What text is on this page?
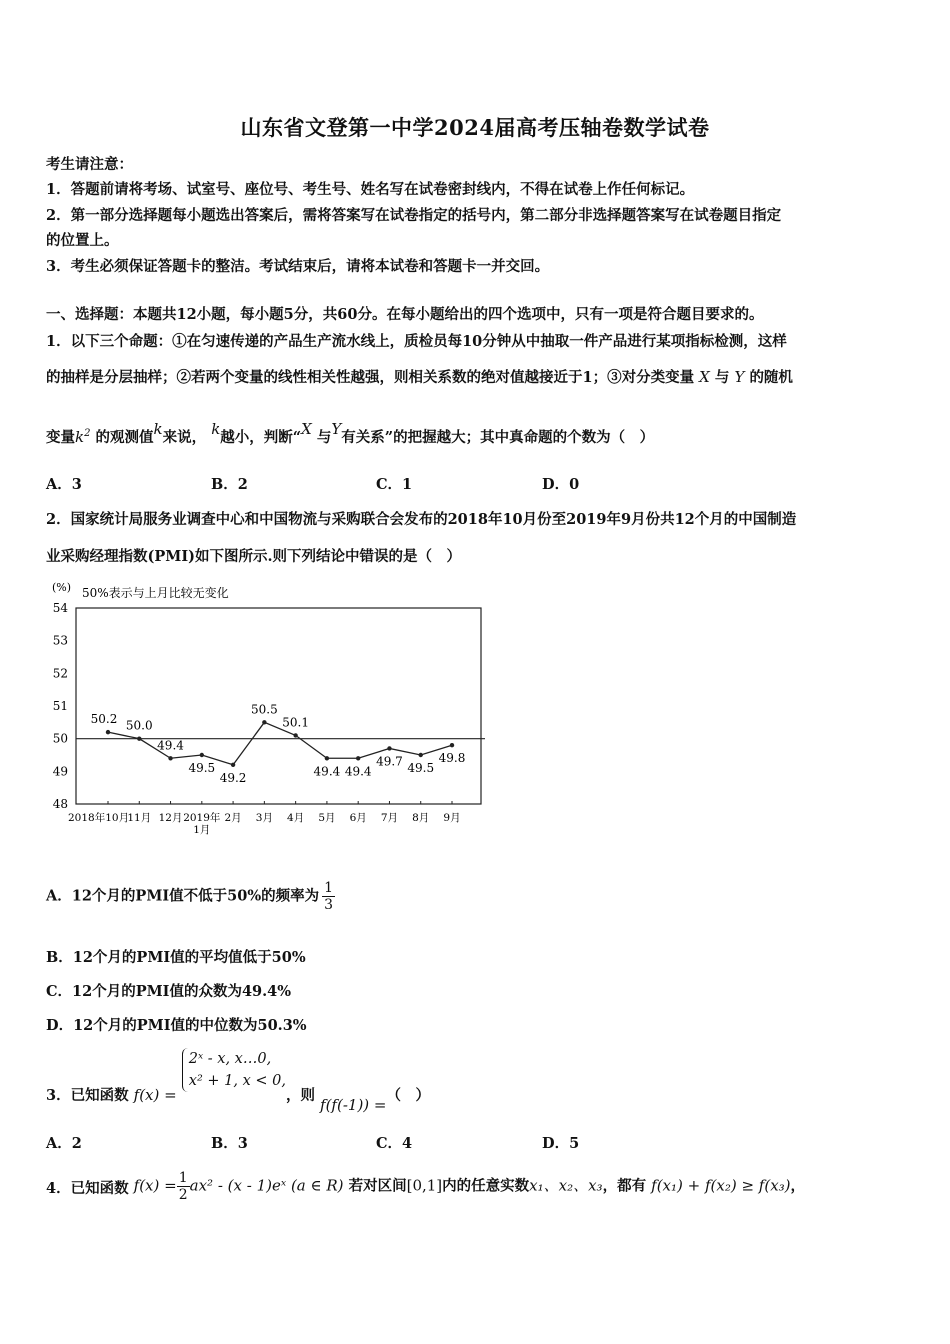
山东省文登第一中学2024届高考压轴卷数学试卷
考生请注意：
1．答题前请将考场、试室号、座位号、考生号、姓名写在试卷密封线内，不得在试卷上作任何标记。
2．第一部分选择题每小题选出答案后，需将答案写在试卷指定的括号内，第二部分非选择题答案写在试卷题目指定
的位置上。
3．考生必须保证答题卡的整洁。考试结束后，请将本试卷和答题卡一并交回。
一、选择题：本题共12小题，每小题5分，共60分。在每小题给出的四个选项中，只有一项是符合题目要求的。
1．以下三个命题：①在匀速传递的产品生产流水线上，质检员每10分钟从中抽取一件产品进行某项指标检测，这样
的抽样是分层抽样；②若两个变量的线性相关性越强，则相关系数的绝对值越接近于1；③对分类变量 X 与 Y 的随机
变量$k^2$ 的观测值k来说， k越小，判断“X 与Y有关系”的把握越大；其中真命题的个数为（　）
A．3	B．2	C．1	D．0
2．国家统计局服务业调查中心和中国物流与采购联合会发布的2018年10月份至2019年9月份共12个月的中国制造
业采购经理指数(PMI)如下图所示.则下列结论中错误的是（　）
(%) 50%表示与上月比较无变化
54
53
52
51
50
49
48
50.2 50.0
49.4
49.5
49.2
50.5
50.1
49.4 49.4
49.7 49.5
49.8
2018年10月
11月 12月 2019年 2月 3月 4月 5月 6月 7月 8月 9月
1月
A．12个月的PMI值不低于50%的频率为 $\frac{1}{3}$
B．12个月的PMI值的平均值低于50%
C．12个月的PMI值的众数为49.4%
D．12个月的PMI值的中位数为50.3%
3．已知函数 f(x) =
2ˣ - x, x…0,
x² + 1, x < 0,
，则 f(f(-1)) =（　）
A．2	B．3	C．4	D．5
4．已知函数 $f(x) = \frac{1}{2} ax^2 - (x$ - 1)eˣ (a ∈ R) 若对区间[0,1]内的任意实数x₁、x₂、x₃，都有 f(x₁) + f(x₂) ≥ f(x₃)，
